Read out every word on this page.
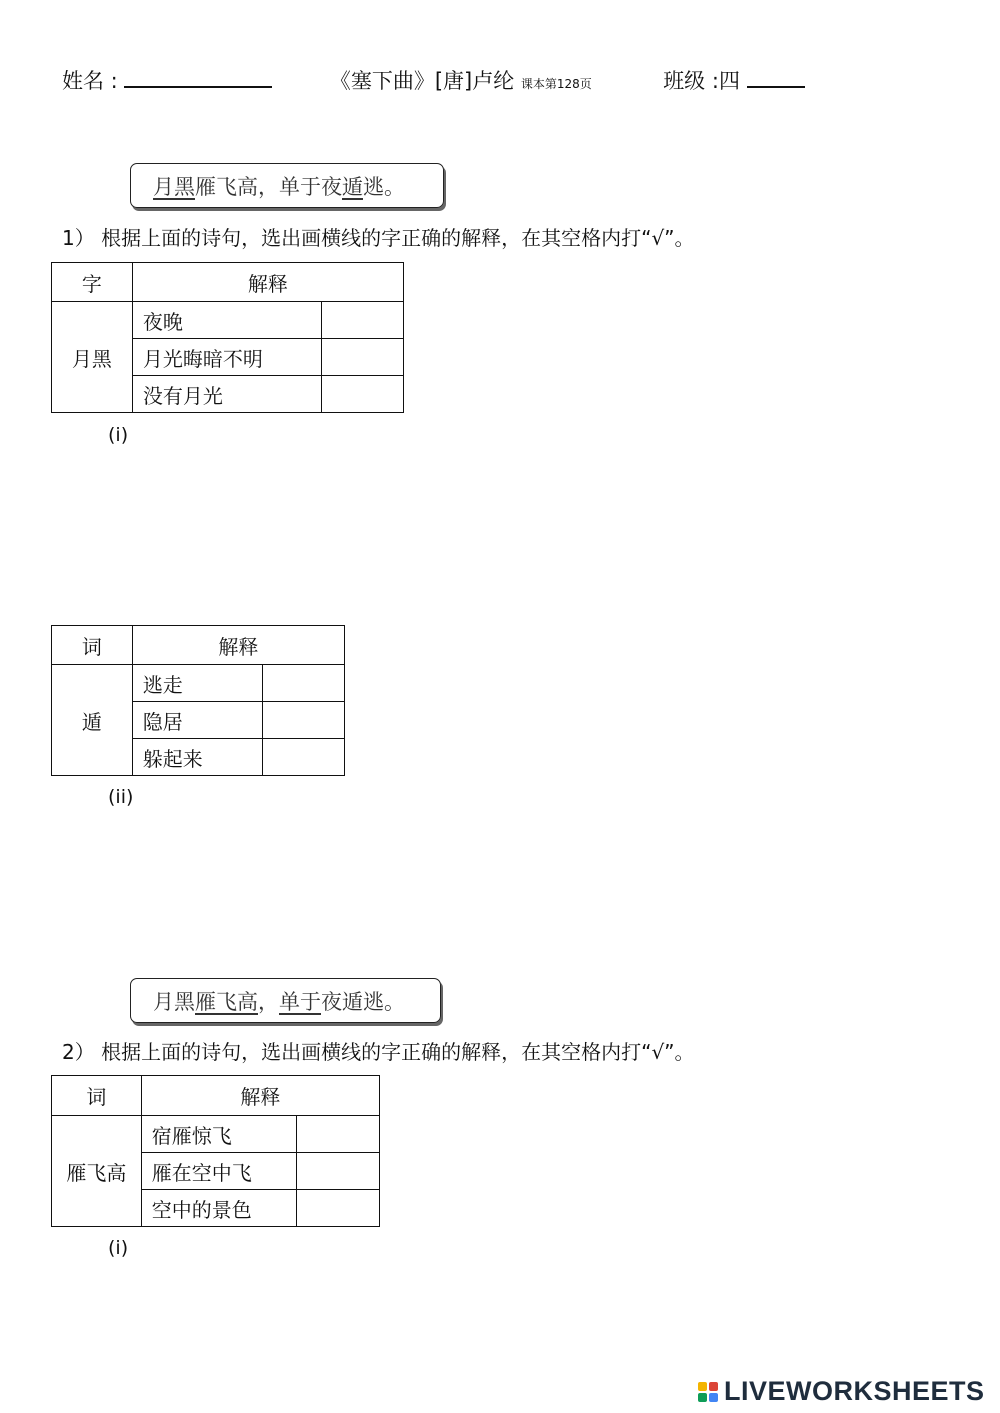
姓名 :	《塞下曲》[唐]卢纶 课本第128页	班级 :四
月黑 雁飞高，单于夜 遁 逃。
1） 根据上面的诗句，选出画横线的字正确的解释，在其空格内打“√”。
字	解释	
月黑	夜晚	
	月光晦暗不明	
	没有月光	
(i)
词	解释	
遁	逃走	
	隐居	
	躲起来	
(ii)
月黑 雁飞高 ， 单于 夜遁逃。
2） 根据上面的诗句，选出画横线的字正确的解释，在其空格内打“√”。
词	解释	
雁飞高	宿雁惊飞	
	雁在空中飞	
	空中的景色	
(i)
LIVEWORKSHEETS
